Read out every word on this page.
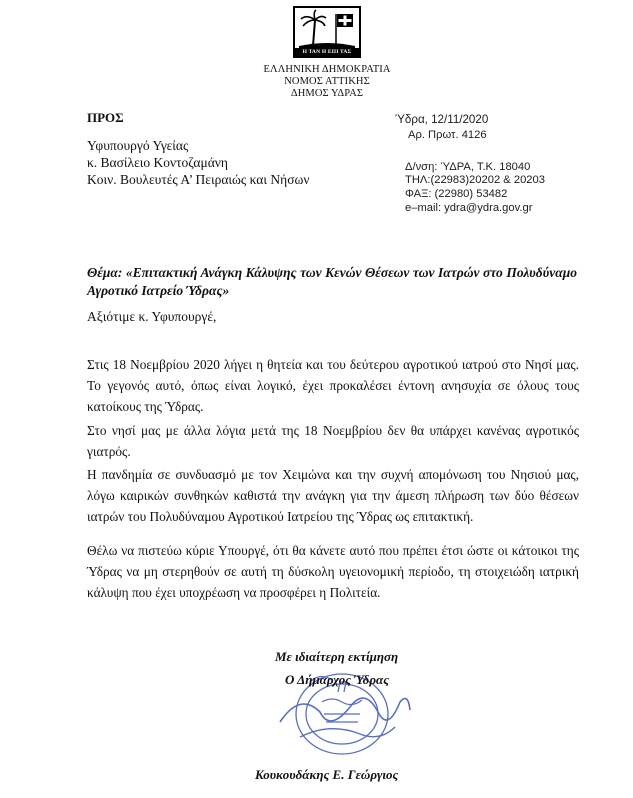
Η ΤΑΝ Η ΕΠΙ ΤΑΣ
ΕΛΛΗΝΙΚΗ ΔΗΜΟΚΡΑΤΙΑ
ΝΟΜΟΣ ΑΤΤΙΚΗΣ
ΔΗΜΟΣ ΥΔΡΑΣ
ΠΡΟΣ
Υφυπουργό Υγείας
κ. Βασίλειο Κοντοζαμάνη
Κοιν. Βουλευτές Α’ Πειραιώς και Νήσων
Ύδρα, 12/11/2020
Αρ. Πρωτ. 4126
Δ/νση: ΎΔΡΑ, Τ.Κ. 18040
ΤΗΛ:(22983)20202 & 20203
ΦΑΞ: (22980) 53482
e–mail: ydra@ydra.gov.gr
Θέμα: «Επιτακτική Ανάγκη Κάλυψης των Κενών Θέσεων των Ιατρών στο Πολυδύναμο Αγροτικό Ιατρείο Ύδρας»
Αξιότιμε κ. Υφυπουργέ,
Στις 18 Νοεμβρίου 2020 λήγει η θητεία και του δεύτερου αγροτικού ιατρού στο Νησί μας. Το γεγονός αυτό, όπως είναι λογικό, έχει προκαλέσει έντονη ανησυχία σε όλους τους κατοίκους της Ύδρας.
Στο νησί μας με άλλα λόγια μετά της 18 Νοεμβρίου δεν θα υπάρχει κανένας αγροτικός γιατρός.
Η πανδημία σε συνδυασμό με τον Χειμώνα και την συχνή απομόνωση του Νησιού μας, λόγω καιρικών συνθηκών καθιστά την ανάγκη για την άμεση πλήρωση των δύο θέσεων ιατρών του Πολυδύναμου Αγροτικού Ιατρείου της Ύδρας ως επιτακτική.
Θέλω να πιστεύω κύριε Υπουργέ, ότι θα κάνετε αυτό που πρέπει έτσι ώστε οι κάτοικοι της Ύδρας να μη στερηθούν σε αυτή τη δύσκολη υγειονομική περίοδο, τη στοιχειώδη ιατρική κάλυψη που έχει υποχρέωση να προσφέρει η Πολιτεία.
Με ιδιαίτερη εκτίμηση
Ο Δήμαρχος Ύδρας
Κουκουδάκης Ε. Γεώργιος
